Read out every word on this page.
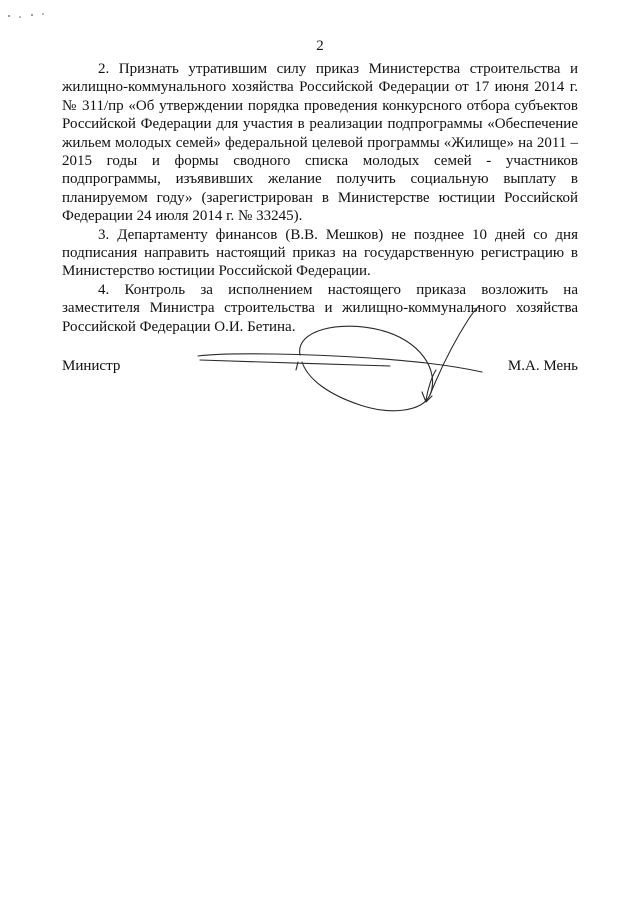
2

2. Признать утратившим силу приказ Министерства строительства и жилищно-коммунального хозяйства Российской Федерации от 17 июня 2014 г. № 311/пр «Об утверждении порядка проведения конкурсного отбора субъектов Российской Федерации для участия в реализации подпрограммы «Обеспечение жильем молодых семей» федеральной целевой программы «Жилище» на 2011 – 2015 годы и формы сводного списка молодых семей - участников подпрограммы, изъявивших желание получить социальную выплату в планируемом году» (зарегистрирован в Министерстве юстиции Российской Федерации 24 июля 2014 г. № 33245).

3. Департаменту финансов (В.В. Мешков) не позднее 10 дней со дня подписания направить настоящий приказ на государственную регистрацию в Министерство юстиции Российской Федерации.

4. Контроль за исполнением настоящего приказа возложить на заместителя Министра строительства и жилищно-коммунального хозяйства Российской Федерации О.И. Бетина.

Министр	М.А. Мень
